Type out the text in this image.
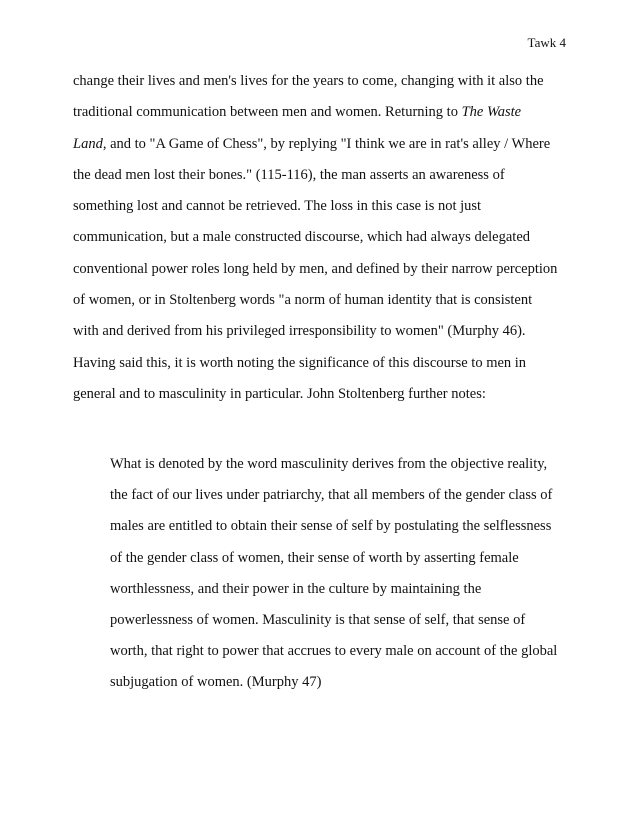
Tawk 4
change their lives and men's lives for the years to come, changing with it also the
traditional communication between men and women. Returning to The Waste
Land, and to "A Game of Chess", by replying "I think we are in rat's alley / Where
the dead men lost their bones." (115-116), the man asserts an awareness of
something lost and cannot be retrieved. The loss in this case is not just
communication, but a male constructed discourse, which had always delegated
conventional power roles long held by men, and defined by their narrow perception
of women, or in Stoltenberg words "a norm of human identity that is consistent
with and derived from his privileged irresponsibility to women" (Murphy 46).
Having said this, it is worth noting the significance of this discourse to men in
general and to masculinity in particular. John Stoltenberg further notes:
What is denoted by the word masculinity derives from the objective reality,
the fact of our lives under patriarchy, that all members of the gender class of
males are entitled to obtain their sense of self by postulating the selflessness
of the gender class of women, their sense of worth by asserting female
worthlessness, and their power in the culture by maintaining the
powerlessness of women. Masculinity is that sense of self, that sense of
worth, that right to power that accrues to every male on account of the global
subjugation of women. (Murphy 47)
